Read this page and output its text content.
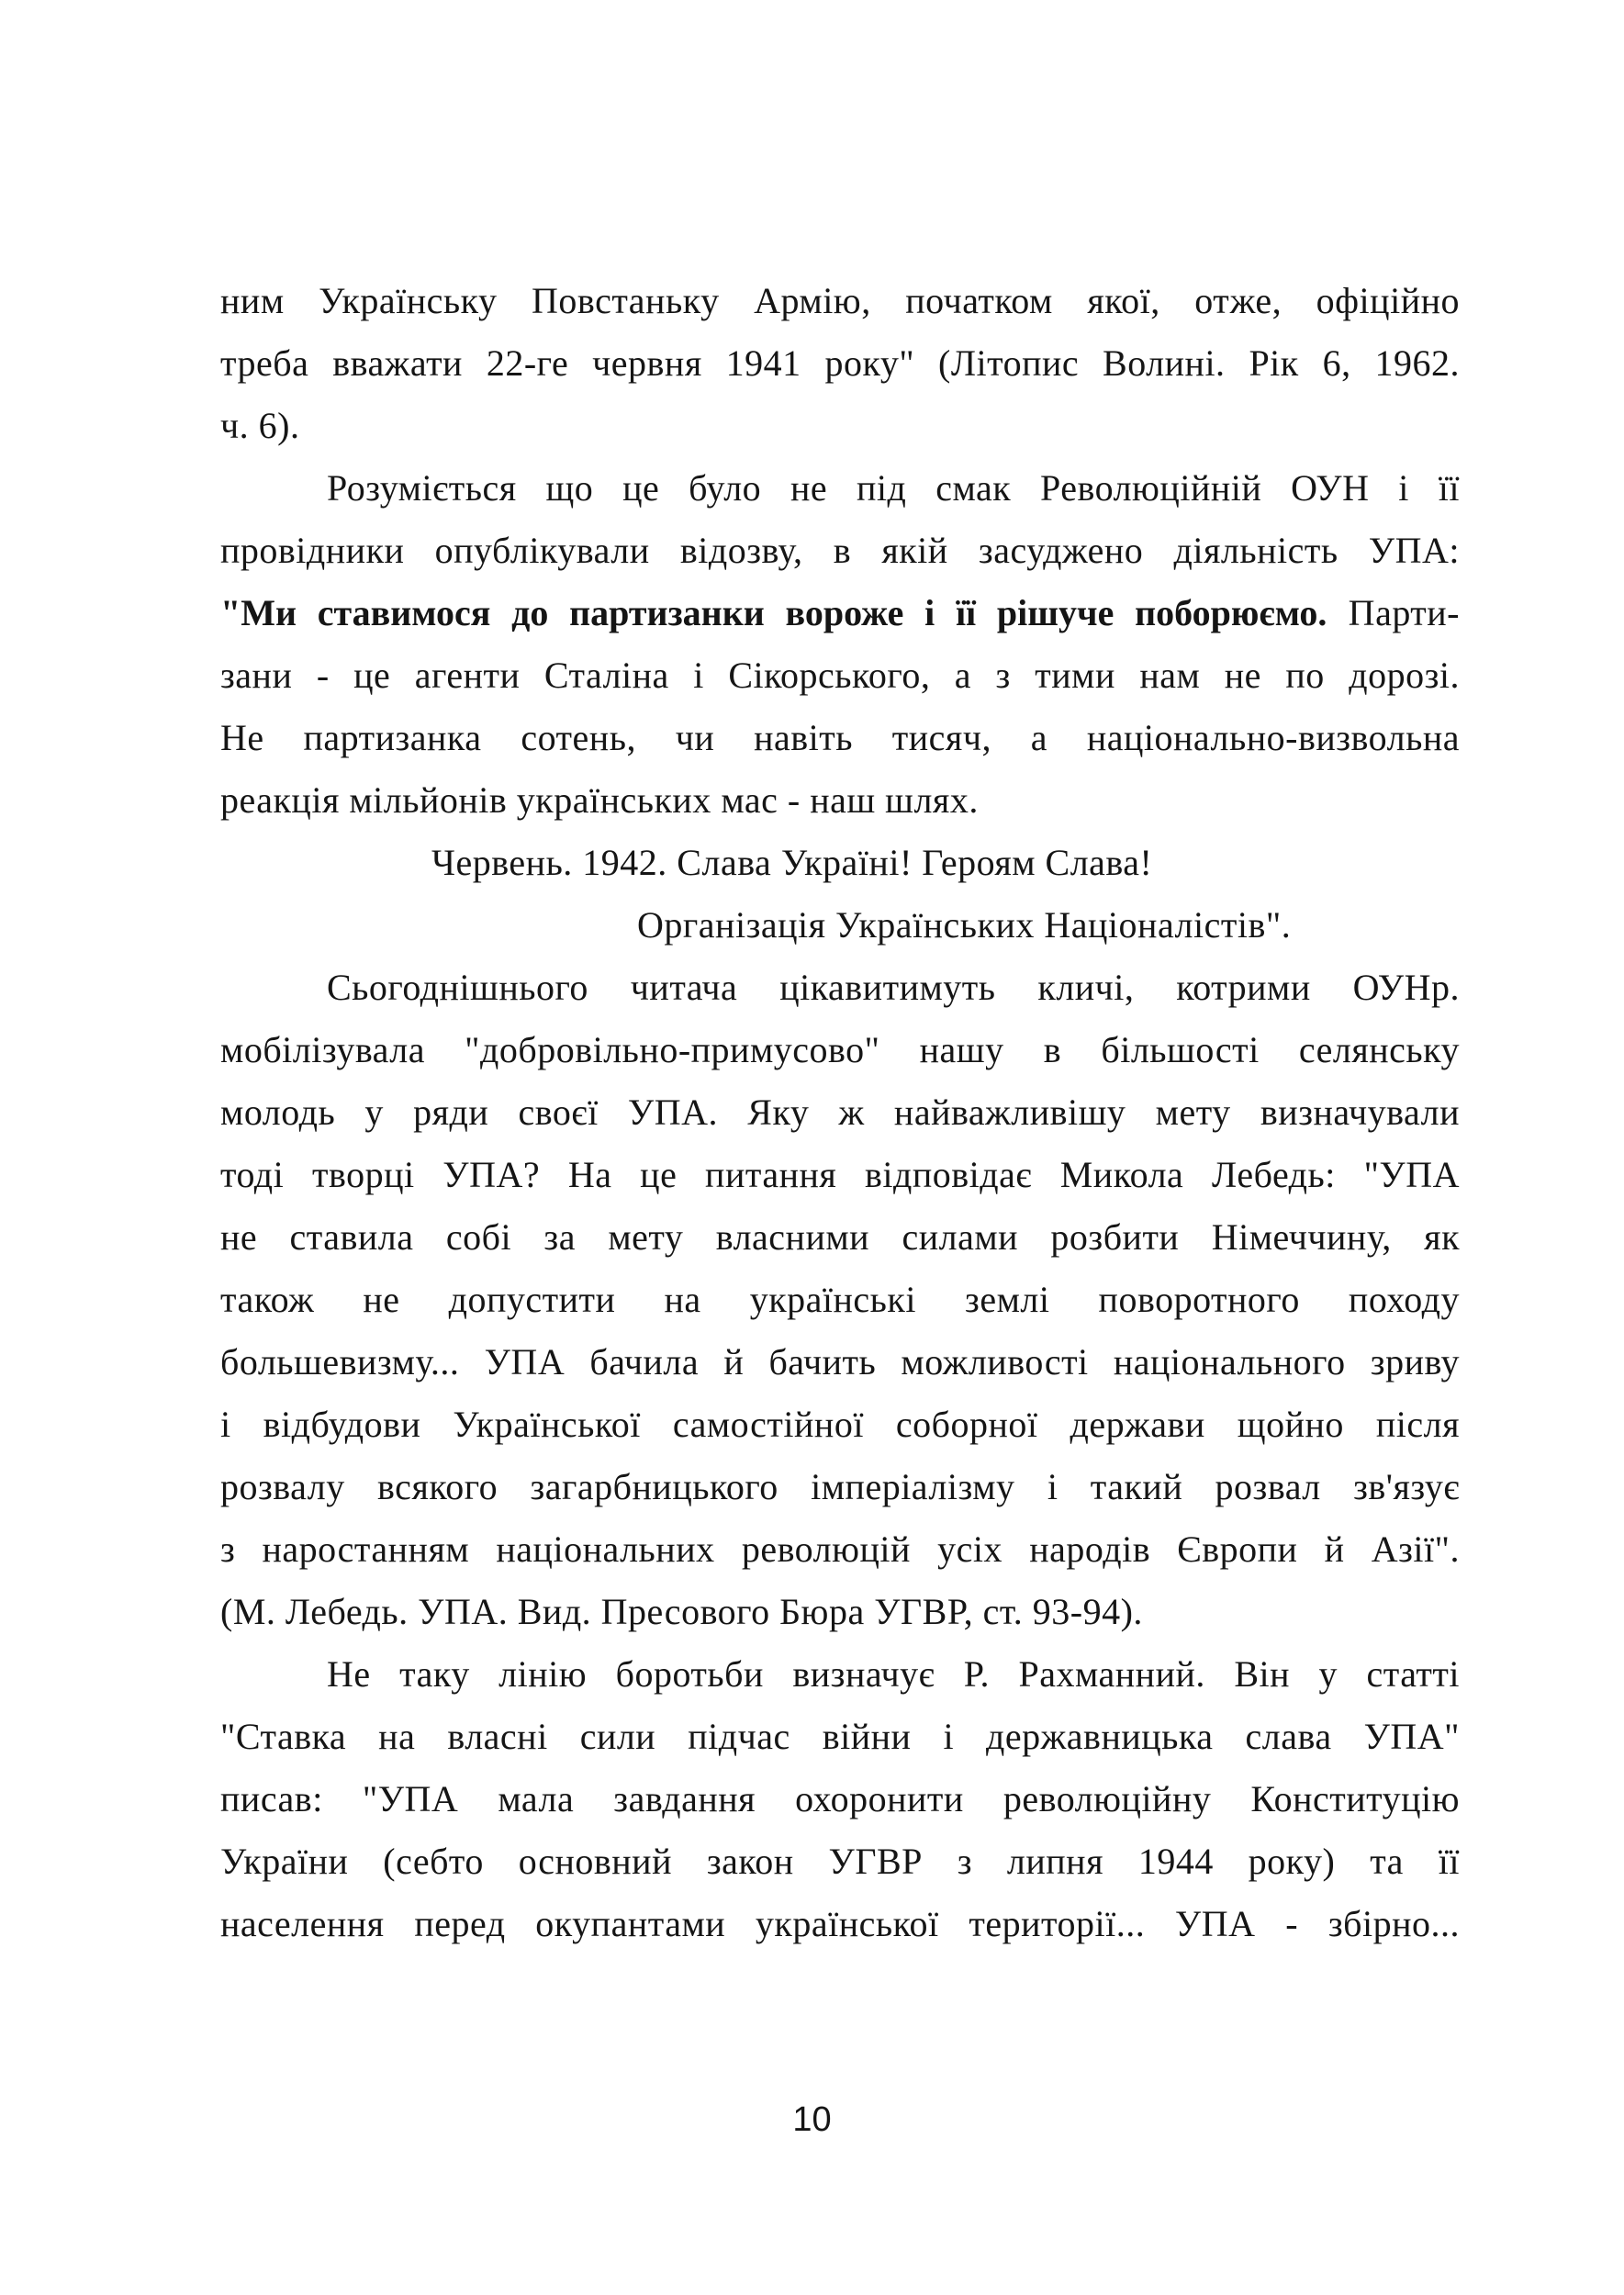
ним Українську Повстаньку Армію, початком якої, отже, офіційно
треба вважати 22-ге червня 1941 року" (Літопис Волині. Рік 6, 1962.
ч. 6).
Розуміється що це було не під смак Революційній ОУН і її
провідники опублікували відозву, в якій засуджено діяльність УПА:
"Ми ставимося до партизанки вороже і її рішуче поборюємо. Парти-
зани - це агенти Сталіна і Сікорського, а з тими нам не по дорозі.
Не партизанка сотень, чи навіть тисяч, а національно-визвольна
реакція мільйонів українських мас - наш шлях.
Червень. 1942. Слава Україні! Героям Слава!
Організація Українських Націоналістів".
Сьогоднішнього читача цікавитимуть кличі, котрими ОУНр.
мобілізувала "добровільно-примусово" нашу в більшості селянську
молодь у ряди своєї УПА. Яку ж найважливішу мету визначували
тоді творці УПА? На це питання відповідає Микола Лебедь: "УПА
не ставила собі за мету власними силами розбити Німеччину, як
також не допустити на українські землі поворотного походу
большевизму... УПА бачила й бачить можливості національного зриву
і відбудови Української самостійної соборної держави щойно після
розвалу всякого загарбницького імперіалізму і такий розвал зв'язує
з наростанням національних революцій усіх народів Європи й Азії".
(М. Лебедь. УПА. Вид. Пресового Бюра УГВР, ст. 93-94).
Не таку лінію боротьби визначує Р. Рахманний. Він у статті
"Ставка на власні сили підчас війни і державницька слава УПА"
писав: "УПА мала завдання охоронити революційну Конституцію
України (себто основний закон УГВР з липня 1944 року) та її
населення перед окупантами української території... УПА - збірно...
10
